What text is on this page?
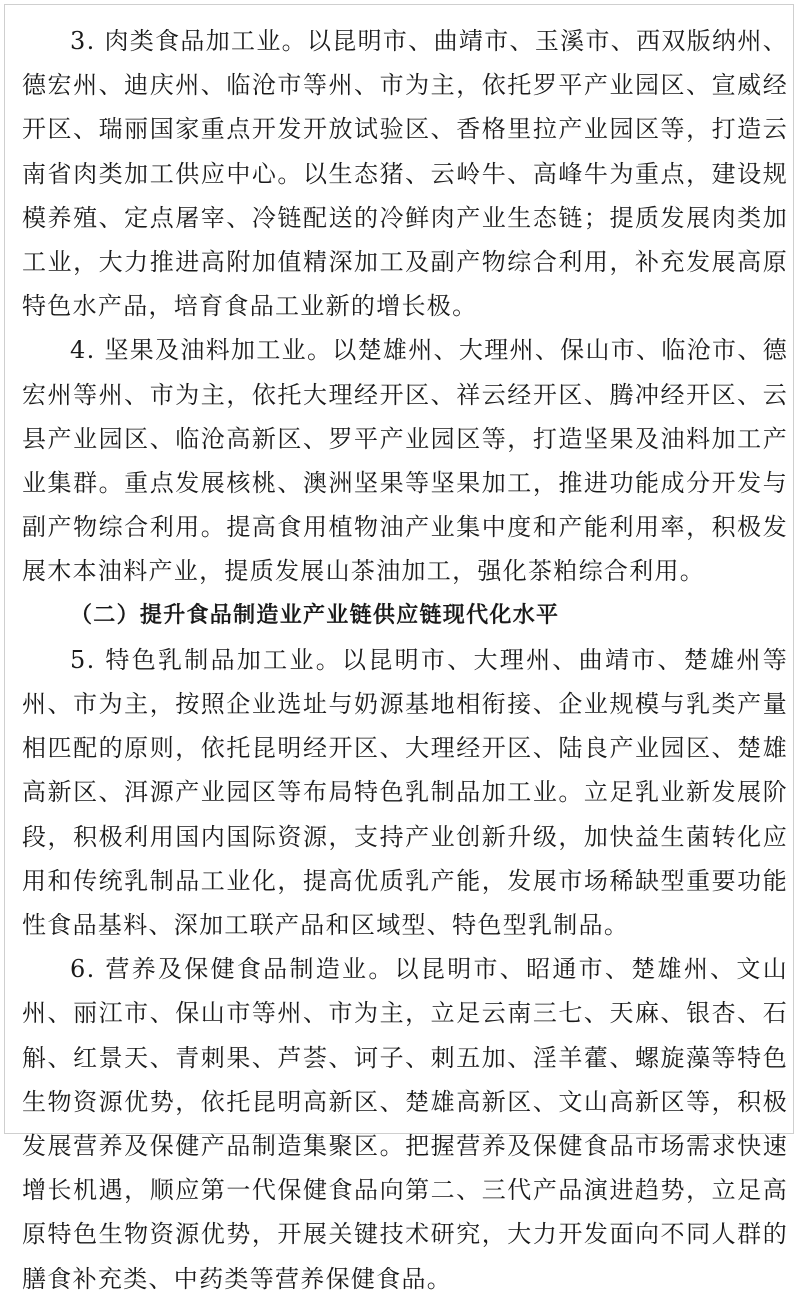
3. 肉类食品加工业。以昆明市、曲靖市、玉溪市、西双版纳州、德宏州、迪庆州、临沧市等州、市为主，依托罗平产业园区、宣威经开区、瑞丽国家重点开发开放试验区、香格里拉产业园区等，打造云南省肉类加工供应中心。以生态猪、云岭牛、高峰牛为重点，建设规模养殖、定点屠宰、冷链配送的冷鲜肉产业生态链；提质发展肉类加工业，大力推进高附加值精深加工及副产物综合利用，补充发展高原特色水产品，培育食品工业新的增长极。

4. 坚果及油料加工业。以楚雄州、大理州、保山市、临沧市、德宏州等州、市为主，依托大理经开区、祥云经开区、腾冲经开区、云县产业园区、临沧高新区、罗平产业园区等，打造坚果及油料加工产业集群。重点发展核桃、澳洲坚果等坚果加工，推进功能成分开发与副产物综合利用。提高食用植物油产业集中度和产能利用率，积极发展木本油料产业，提质发展山茶油加工，强化茶粕综合利用。

（二）提升食品制造业产业链供应链现代化水平

5. 特色乳制品加工业。以昆明市、大理州、曲靖市、楚雄州等州、市为主，按照企业选址与奶源基地相衔接、企业规模与乳类产量相匹配的原则，依托昆明经开区、大理经开区、陆良产业园区、楚雄高新区、洱源产业园区等布局特色乳制品加工业。立足乳业新发展阶段，积极利用国内国际资源，支持产业创新升级，加快益生菌转化应用和传统乳制品工业化，提高优质乳产能，发展市场稀缺型重要功能性食品基料、深加工联产品和区域型、特色型乳制品。

6. 营养及保健食品制造业。以昆明市、昭通市、楚雄州、文山州、丽江市、保山市等州、市为主，立足云南三七、天麻、银杏、石斛、红景天、青刺果、芦荟、诃子、刺五加、淫羊藿、螺旋藻等特色生物资源优势，依托昆明高新区、楚雄高新区、文山高新区等，积极发展营养及保健产品制造集聚区。把握营养及保健食品市场需求快速增长机遇，顺应第一代保健食品向第二、三代产品演进趋势，立足高原特色生物资源优势，开展关键技术研究，大力开发面向不同人群的膳食补充类、中药类等营养保健食品。
